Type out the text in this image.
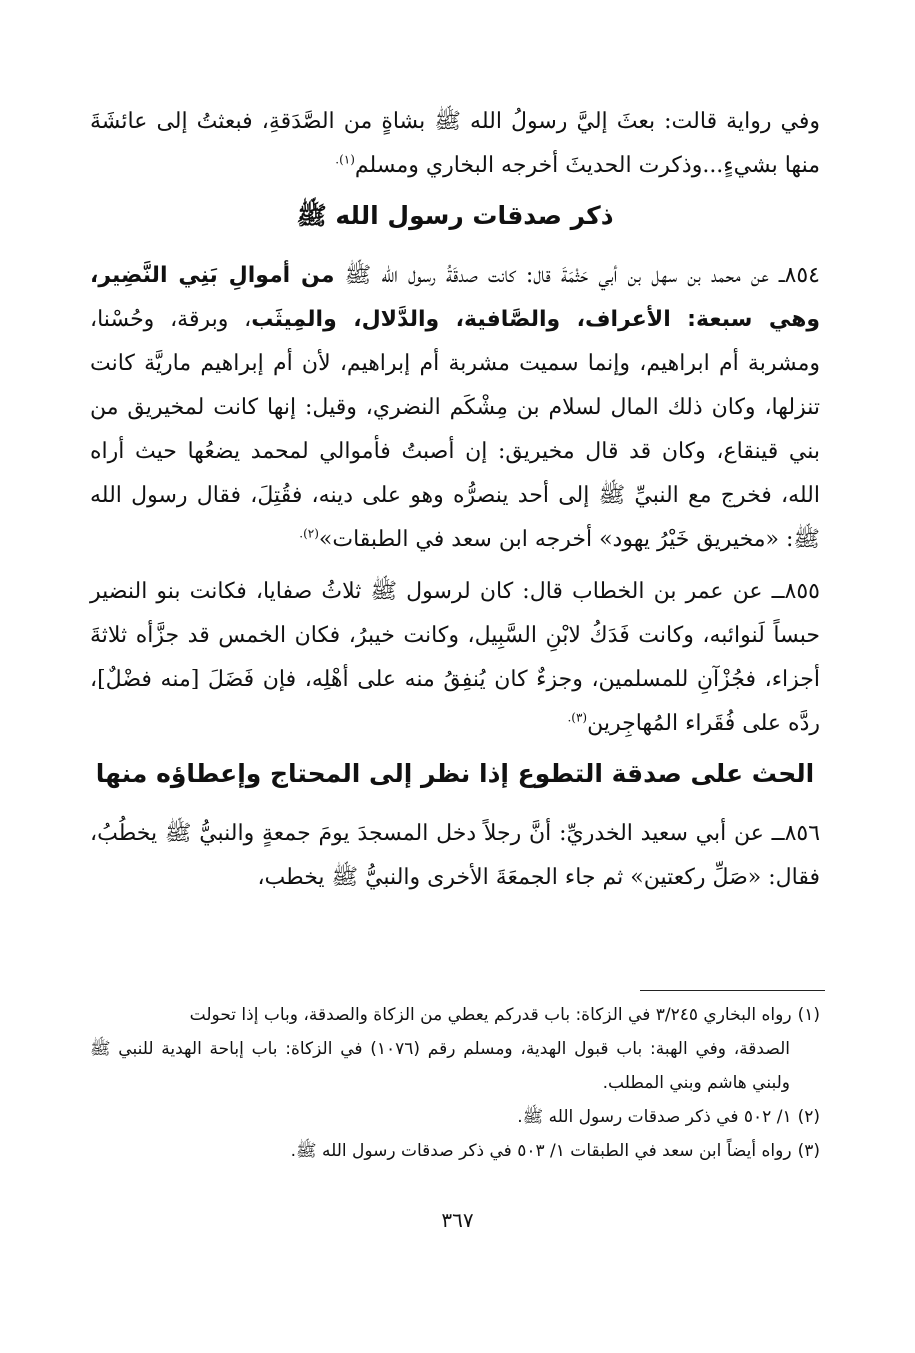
وفي رواية قالت: بعثَ إليَّ رسولُ الله ﷺ بشاةٍ من الصَّدَقةِ، فبعثتُ إلى عائشَةَ منها بشيءٍ...وذكرت الحديثَ أخرجه البخاري ومسلم$^{(١).}$

ذكر صدقات رسول الله ﷺ

٨٥٤ــ عن محمد بن سهل بن أبي حَثْمَةَ قال: كانت صدقَةُ رسول الله ﷺ من أموالِ بَنِي النَّضِير، وهي سبعة: الأعراف، والصَّافية، والدَّلال، والمِيثَب، وبرقة، وحُسْنا، ومشربة أم ابراهيم، وإنما سميت مشربة أم إبراهيم، لأن أم إبراهيم ماريَّة كانت تنزلها، وكان ذلك المال لسلام بن مِشْكَم النضري، وقيل: إنها كانت لمخيريق من بني قينقاع، وكان قد قال مخيريق: إن أصبتُ فأموالي لمحمد يضعُها حيث أراه الله، فخرج مع النبيِّ ﷺ إلى أحد ينصرُّه وهو على دينه، فقُتِلَ، فقال رسول الله ﷺ: «مخيريق خَيْرُ يهود» أخرجه ابن سعد في الطبقات»$^{(٢).}$

٨٥٥ــ عن عمر بن الخطاب قال: كان لرسول ﷺ ثلاثُ صفايا، فكانت بنو النضير حبساً لَنوائبه، وكانت فَدَكُ لابْنِ السَّبِيل، وكانت خيبرُ، فكان الخمس قد جزَّأه ثلاثةَ أجزاء، فجُزْآنِ للمسلمين، وجزءٌ كان يُنفِقُ منه على أهْلِه، فإن فَضَلَ [منه فضْلٌ]، ردَّه على فُقَراء المُهاجِرين$^{(٣).}$

الحث على صدقة التطوع إذا نظر إلى المحتاج وإعطاؤه منها

٨٥٦ــ عن أبي سعيد الخدريِّ: أنَّ رجلاً دخل المسجدَ يومَ جمعةٍ والنبيُّ ﷺ يخطُبُ، فقال: «صَلِّ ركعتين» ثم جاء الجمعَةَ الأخرى والنبيُّ ﷺ يخطب،

(١)رواه البخاري ٣/٢٤٥ في الزكاة: باب قدركم يعطي من الزكاة والصدقة، وباب إذا تحولت

الصدقة، وفي الهبة: باب قبول الهدية، ومسلم رقم (١٠٧٦) في الزكاة: باب إباحة الهدية للنبي ﷺ ولبني هاشم وبني المطلب.

(٢)١/ ٥٠٢ في ذكر صدقات رسول الله ﷺ.

(٣)رواه أيضاً ابن سعد في الطبقات ١/ ٥٠٣ في ذكر صدقات رسول الله ﷺ.

٣٦٧
